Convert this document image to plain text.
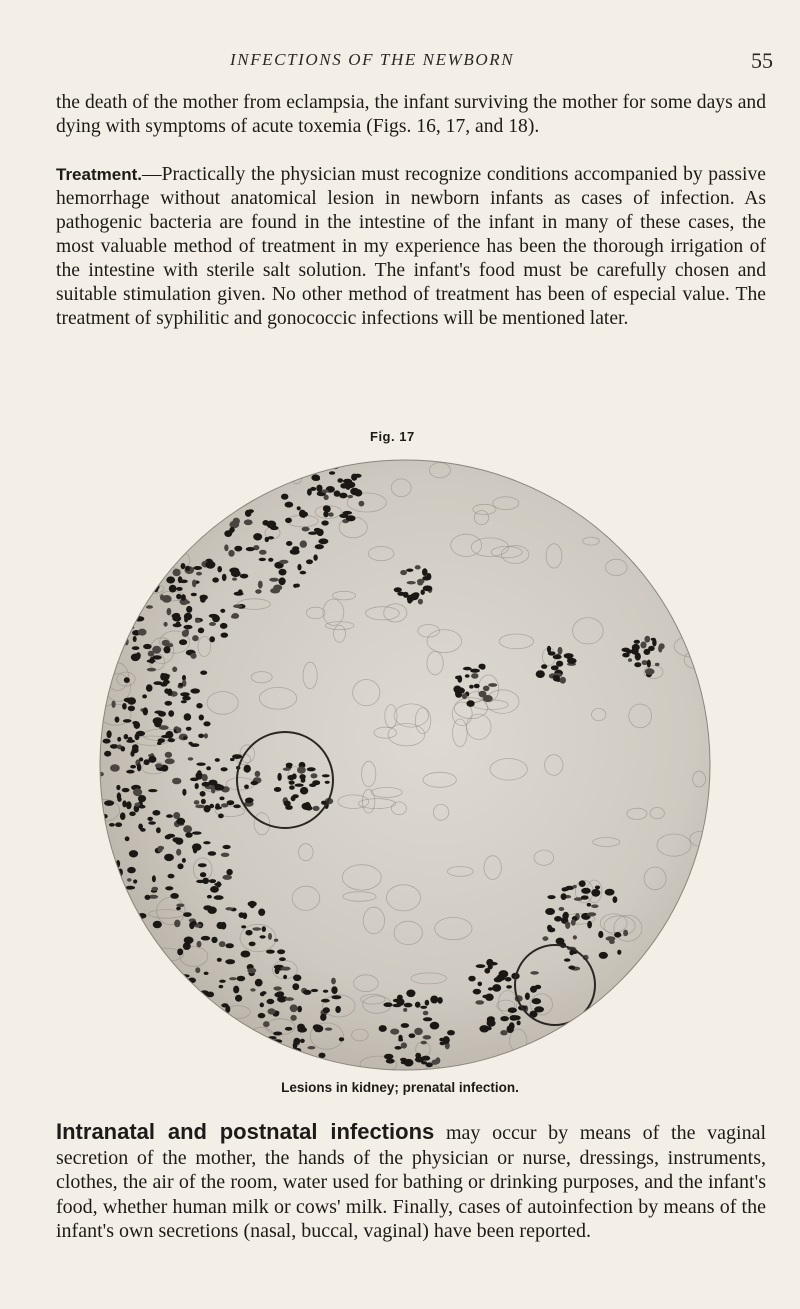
INFECTIONS OF THE NEWBORN	55

the death of the mother from eclampsia, the infant surviving the mother for some days and dying with symptoms of acute toxemia (Figs. 16, 17, and 18).

Treatment.—Practically the physician must recognize conditions accompanied by passive hemorrhage without anatomical lesion in newborn infants as cases of infection. As pathogenic bacteria are found in the intestine of the infant in many of these cases, the most valuable method of treatment in my experience has been the thorough irrigation of the intestine with sterile salt solution. The infant's food must be carefully chosen and suitable stimulation given. No other method of treatment has been of especial value. The treatment of syphilitic and gonococcic infections will be mentioned later.

Fig. 17
Lesions in kidney; prenatal infection.

Intranatal and postnatal infections may occur by means of the vaginal secretion of the mother, the hands of the physician or nurse, dressings, instruments, clothes, the air of the room, water used for bathing or drinking purposes, and the infant's food, whether human milk or cows' milk. Finally, cases of autoinfection by means of the infant's own secretions (nasal, buccal, vaginal) have been reported.
